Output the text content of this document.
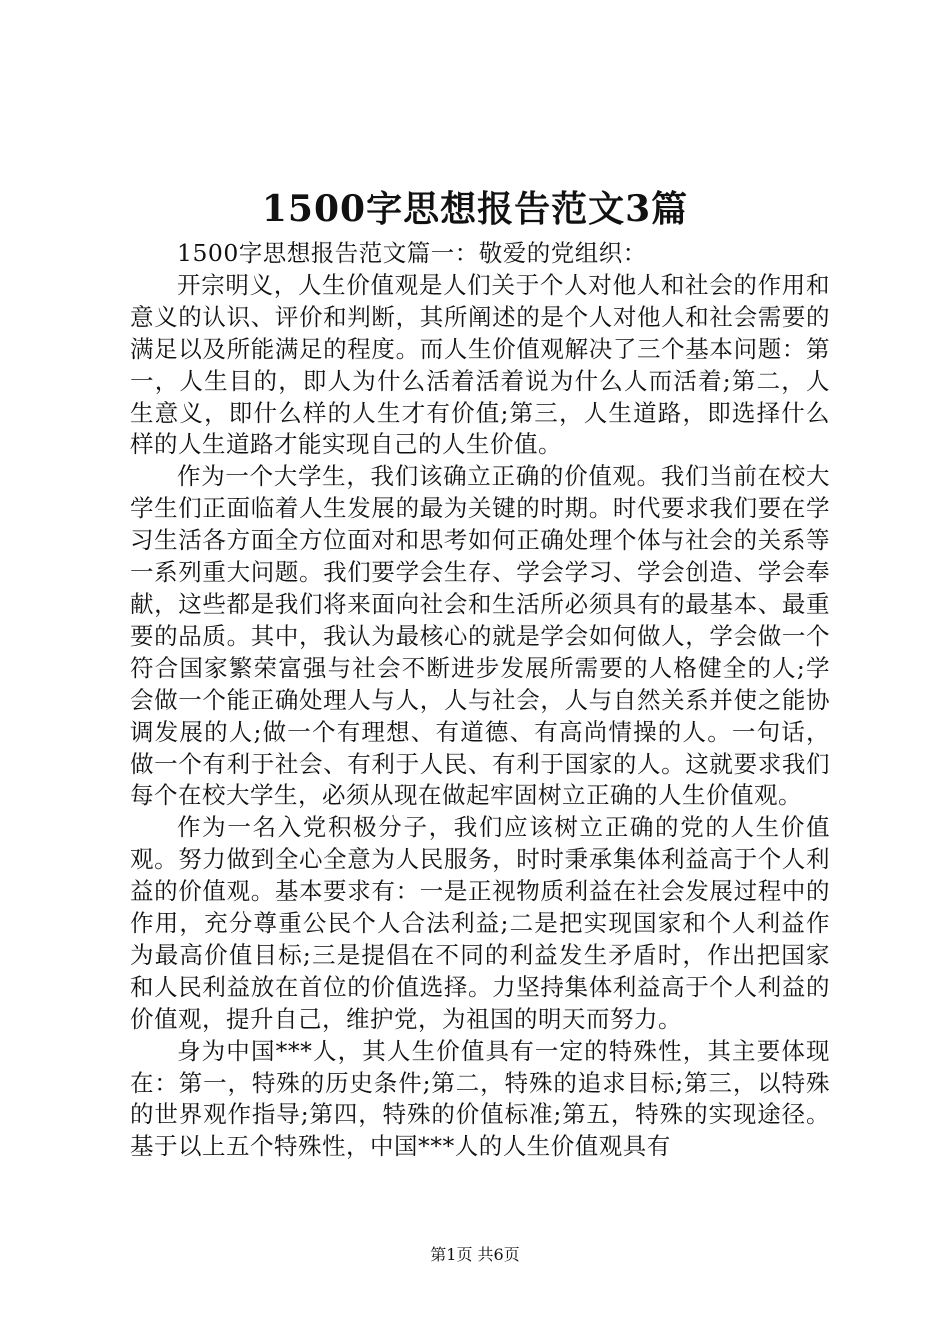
1500字思想报告范文3篇

1500字思想报告范文篇一：敬爱的党组织：

开宗明义，人生价值观是人们关于个人对他人和社会的作用和意义的认识、评价和判断，其所阐述的是个人对他人和社会需要的满足以及所能满足的程度。而人生价值观解决了三个基本问题：第一，人生目的，即人为什么活着活着说为什么人而活着;第二，人生意义，即什么样的人生才有价值;第三，人生道路，即选择什么样的人生道路才能实现自己的人生价值。

作为一个大学生，我们该确立正确的价值观。我们当前在校大学生们正面临着人生发展的最为关键的时期。时代要求我们要在学习生活各方面全方位面对和思考如何正确处理个体与社会的关系等一系列重大问题。我们要学会生存、学会学习、学会创造、学会奉献，这些都是我们将来面向社会和生活所必须具有的最基本、最重要的品质。其中，我认为最核心的就是学会如何做人，学会做一个符合国家繁荣富强与社会不断进步发展所需要的人格健全的人;学会做一个能正确处理人与人，人与社会，人与自然关系并使之能协调发展的人;做一个有理想、有道德、有高尚情操的人。一句话，做一个有利于社会、有利于人民、有利于国家的人。这就要求我们每个在校大学生，必须从现在做起牢固树立正确的人生价值观。

作为一名入党积极分子，我们应该树立正确的党的人生价值观。努力做到全心全意为人民服务，时时秉承集体利益高于个人利益的价值观。基本要求有：一是正视物质利益在社会发展过程中的作用，充分尊重公民个人合法利益;二是把实现国家和个人利益作为最高价值目标;三是提倡在不同的利益发生矛盾时，作出把国家和人民利益放在首位的价值选择。力坚持集体利益高于个人利益的价值观，提升自己，维护党，为祖国的明天而努力。

身为中国***人，其人生价值具有一定的特殊性，其主要体现在：第一，特殊的历史条件;第二，特殊的追求目标;第三，以特殊的世界观作指导;第四，特殊的价值标准;第五，特殊的实现途径。基于以上五个特殊性，中国***人的人生价值观具有

第1页 共6页
